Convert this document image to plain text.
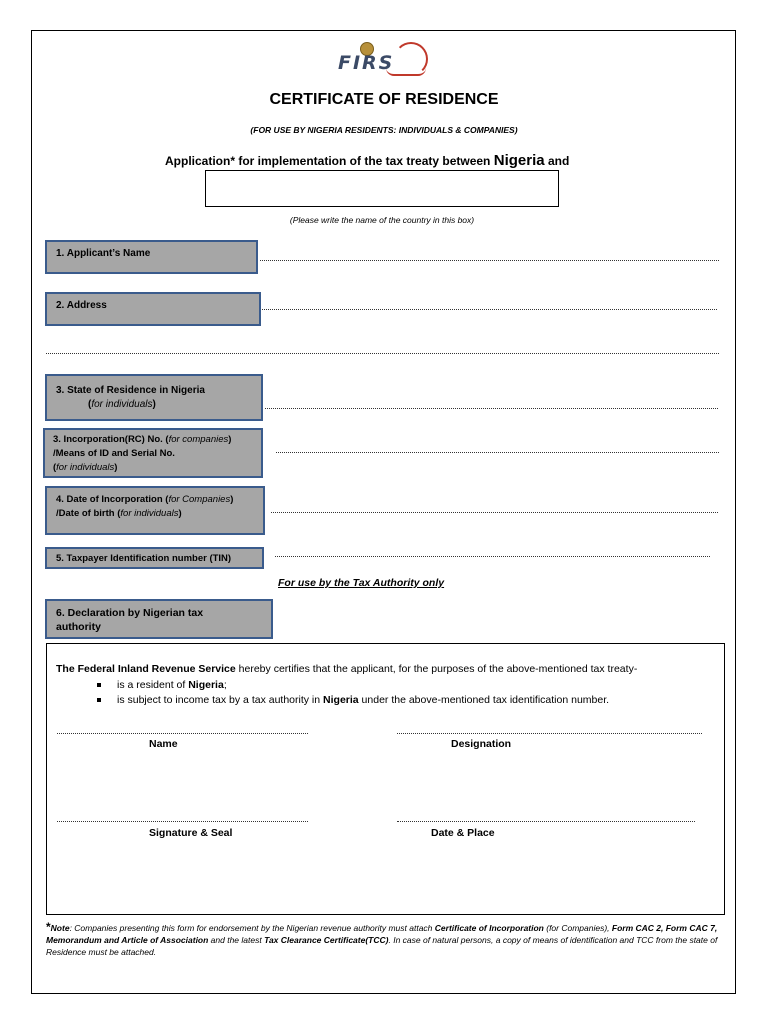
FIRS
CERTIFICATE OF RESIDENCE
(FOR USE BY NIGERIA RESIDENTS: INDIVIDUALS & COMPANIES)
Application* for implementation of the tax treaty between Nigeria and
(Please write the name of the country in this box)
1. Applicant’s Name
2. Address
3. State of Residence in Nigeria
(for individuals)
3. Incorporation(RC) No. (for companies)
/Means of ID and Serial No.
(for individuals)
4. Date of Incorporation (for Companies)
/Date of birth (for individuals)
5. Taxpayer Identification number (TIN)
For use by the Tax Authority only
6. Declaration by Nigerian tax
authority
The Federal Inland Revenue Service hereby certifies that the applicant, for the purposes of the above-mentioned tax treaty-
is a resident of Nigeria;
is subject to income tax by a tax authority in Nigeria under the above-mentioned tax identification number.
Name	Designation
Signature & Seal	Date & Place
*Note: Companies presenting this form for endorsement by the Nigerian revenue authority must attach Certificate of Incorporation (for Companies), Form CAC 2, Form CAC 7, Memorandum and Article of Association and the latest Tax Clearance Certificate(TCC). In case of natural persons, a copy of means of identification and TCC from the state of Residence must be attached.
